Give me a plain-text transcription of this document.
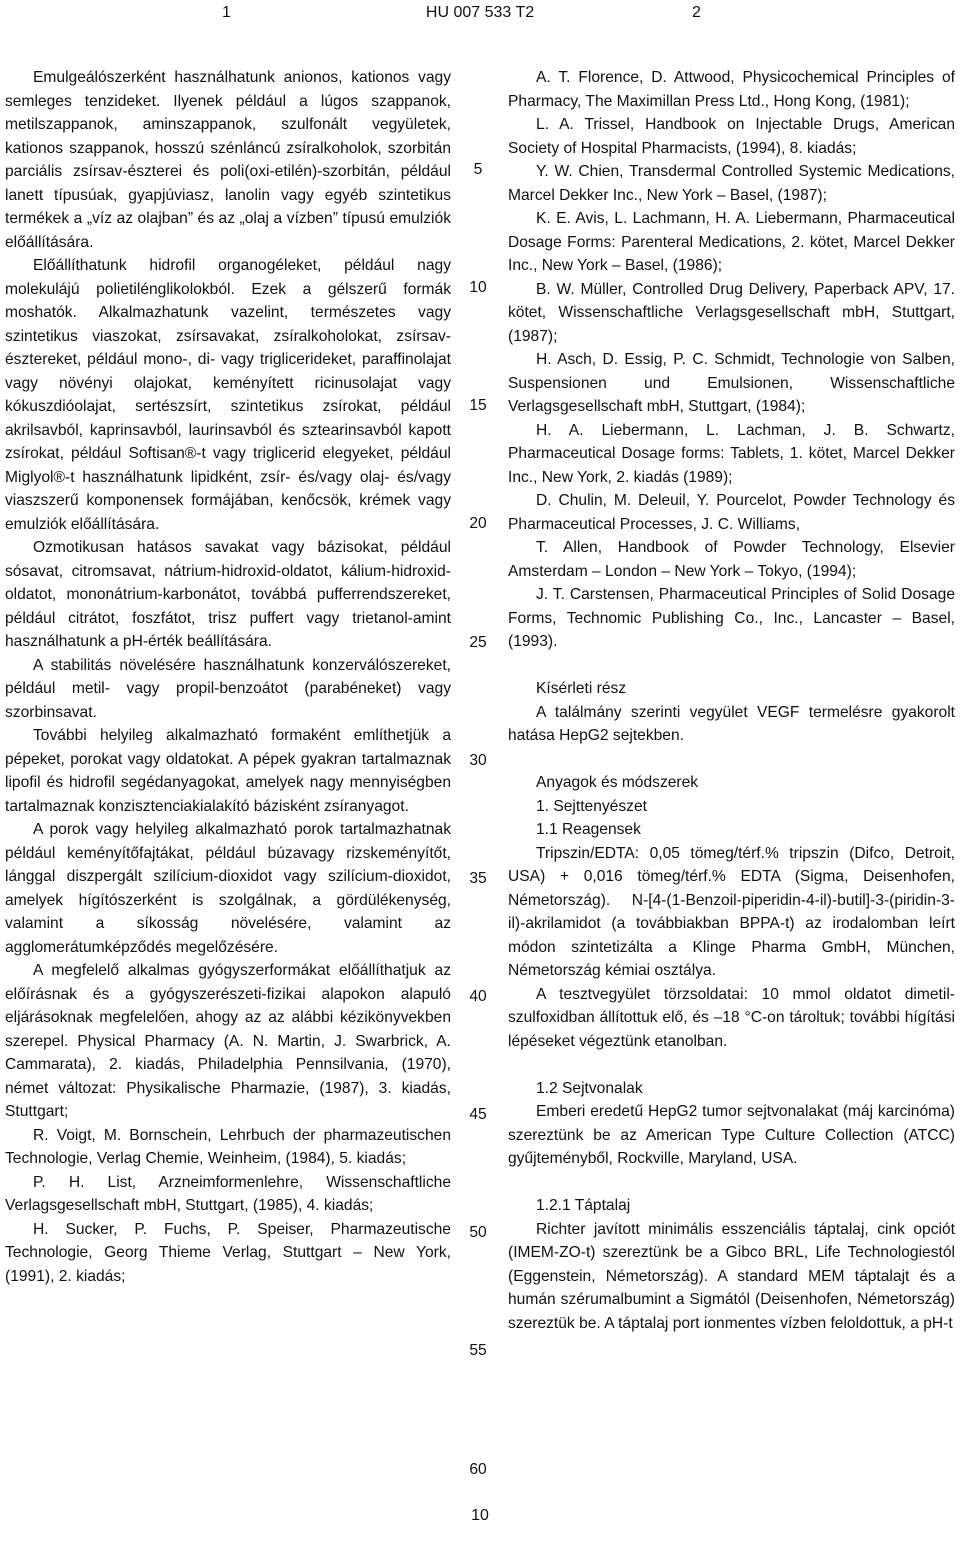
1	HU 007 533 T2	2

Emulgeálószerként használhatunk anionos, kationos vagy semleges tenzideket. Ilyenek például a lúgos szappanok, metilszappanok, aminszappanok, szulfonált vegyületek, kationos szappanok, hosszú szénláncú zsíralkoholok, szorbitán parciális zsírsav-észterei és poli(oxi-etilén)-szorbitán, például lanett típusúak, gyapjúviasz, lanolin vagy egyéb szintetikus termékek a „víz az olajban” és az „olaj a vízben” típusú emulziók előállítására.

Előállíthatunk hidrofil organogéleket, például nagy molekulájú polietilénglikolokból. Ezek a gélszerű formák moshatók. Alkalmazhatunk vazelint, természetes vagy szintetikus viaszokat, zsírsavakat, zsíralkoholokat, zsírsav-észtereket, például mono-, di- vagy triglicerideket, paraffinolajat vagy növényi olajokat, keményített ricinusolajat vagy kókuszdióolajat, sertészsírt, szintetikus zsírokat, például akrilsavból, kaprinsavból, laurinsavból és sztearinsavból kapott zsírokat, például Softisan®-t vagy triglicerid elegyeket, például Miglyol®-t használhatunk lipidként, zsír- és/vagy olaj- és/vagy viaszszerű komponensek formájában, kenőcsök, krémek vagy emulziók előállítására.

Ozmotikusan hatásos savakat vagy bázisokat, például sósavat, citromsavat, nátrium-hidroxid-oldatot, kálium-hidroxid-oldatot, mononátrium-karbonátot, továbbá pufferrendszereket, például citrátot, foszfátot, trisz puffert vagy trietanol-amint használhatunk a pH-érték beállítására.

A stabilitás növelésére használhatunk konzerválószereket, például metil- vagy propil-benzoátot (parabéneket) vagy szorbinsavat.

További helyileg alkalmazható formaként említhetjük a pépeket, porokat vagy oldatokat. A pépek gyakran tartalmaznak lipofil és hidrofil segédanyagokat, amelyek nagy mennyiségben tartalmaznak konzisztenciakialakító bázisként zsíranyagot.

A porok vagy helyileg alkalmazható porok tartalmazhatnak például keményítőfajtákat, például búzavagy rizskeményítőt, lánggal diszpergált szilícium-dioxidot vagy szilícium-dioxidot, amelyek hígítószerként is szolgálnak, a gördülékenység, valamint a síkosság növelésére, valamint az agglomerátumképződés megelőzésére.

A megfelelő alkalmas gyógyszerformákat előállíthatjuk az előírásnak és a gyógyszerészeti-fizikai alapokon alapuló eljárásoknak megfelelően, ahogy az az alábbi kézikönyvekben szerepel. Physical Pharmacy (A. N. Martin, J. Swarbrick, A. Cammarata), 2. kiadás, Philadelphia Pennsilvania, (1970), német változat: Physikalische Pharmazie, (1987), 3. kiadás, Stuttgart;

R. Voigt, M. Bornschein, Lehrbuch der pharmazeutischen Technologie, Verlag Chemie, Weinheim, (1984), 5. kiadás;

P. H. List, Arzneimformenlehre, Wissenschaftliche Verlagsgesellschaft mbH, Stuttgart, (1985), 4. kiadás;

H. Sucker, P. Fuchs, P. Speiser, Pharmazeutische Technologie, Georg Thieme Verlag, Stuttgart – New York, (1991), 2. kiadás;

A. T. Florence, D. Attwood, Physicochemical Principles of Pharmacy, The Maximillan Press Ltd., Hong Kong, (1981);

L. A. Trissel, Handbook on Injectable Drugs, American Society of Hospital Pharmacists, (1994), 8. kiadás;

Y. W. Chien, Transdermal Controlled Systemic Medications, Marcel Dekker Inc., New York – Basel, (1987);

K. E. Avis, L. Lachmann, H. A. Liebermann, Pharmaceutical Dosage Forms: Parenteral Medications, 2. kötet, Marcel Dekker Inc., New York – Basel, (1986);

B. W. Müller, Controlled Drug Delivery, Paperback APV, 17. kötet, Wissenschaftliche Verlagsgesellschaft mbH, Stuttgart, (1987);

H. Asch, D. Essig, P. C. Schmidt, Technologie von Salben, Suspensionen und Emulsionen, Wissenschaftliche Verlagsgesellschaft mbH, Stuttgart, (1984);

H. A. Liebermann, L. Lachman, J. B. Schwartz, Pharmaceutical Dosage forms: Tablets, 1. kötet, Marcel Dekker Inc., New York, 2. kiadás (1989);

D. Chulin, M. Deleuil, Y. Pourcelot, Powder Technology és Pharmaceutical Processes, J. C. Williams,

T. Allen, Handbook of Powder Technology, Elsevier Amsterdam – London – New York – Tokyo, (1994);

J. T. Carstensen, Pharmaceutical Principles of Solid Dosage Forms, Technomic Publishing Co., Inc., Lancaster – Basel, (1993).

Kísérleti rész

A találmány szerinti vegyület VEGF termelésre gyakorolt hatása HepG2 sejtekben.

Anyagok és módszerek

1. Sejttenyészet

1.1 Reagensek

Tripszin/EDTA: 0,05 tömeg/térf.% tripszin (Difco, Detroit, USA) + 0,016 tömeg/térf.% EDTA (Sigma, Deisenhofen, Németország). N-[4-(1-Benzoil-piperidin-4-il)-butil]-3-(piridin-3-il)-akrilamidot (a továbbiakban BPPA-t) az irodalomban leírt módon szintetizálta a Klinge Pharma GmbH, München, Németország kémiai osztálya.

A tesztvegyület törzsoldatai: 10 mmol oldatot dimetil-szulfoxidban állítottuk elő, és –18 °C-on tároltuk; további hígítási lépéseket végeztünk etanolban.

1.2 Sejtvonalak

Emberi eredetű HepG2 tumor sejtvonalakat (máj karcinóma) szereztünk be az American Type Culture Collection (ATCC) gyűjteményből, Rockville, Maryland, USA.

1.2.1 Táptalaj

Richter javított minimális esszenciális táptalaj, cink opciót (IMEM-ZO-t) szereztünk be a Gibco BRL, Life Technologiestól (Eggenstein, Németország). A standard MEM táptalajt és a humán szérumalbumint a Sigmától (Deisenhofen, Németország) szereztük be. A táptalaj port ionmentes vízben feloldottuk, a pH-t

5
10
15
20
25
30
35
40
45
50
55
60
10
